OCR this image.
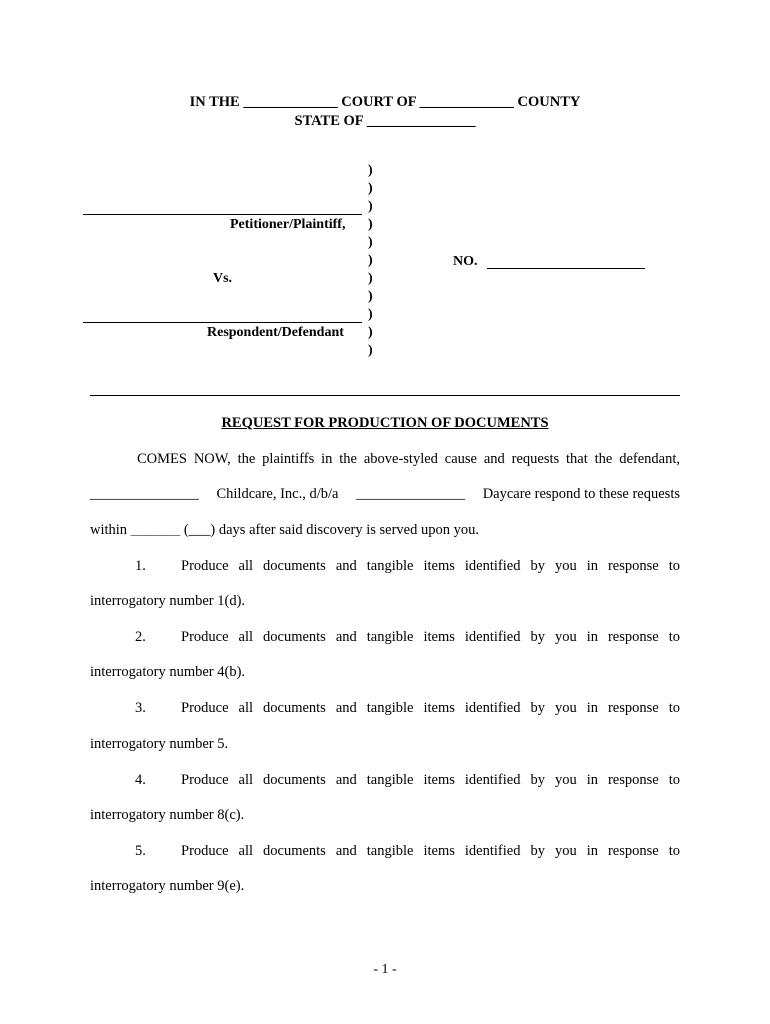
IN THE _____________ COURT OF _____________ COUNTY
STATE OF _______________
)
)
)
)
)
)
)
)
)
)
)
Petitioner/Plaintiff,
Vs.
Respondent/Defendant
NO.
REQUEST FOR PRODUCTION OF DOCUMENTS
COMES NOW, the plaintiffs in the above-styled cause and requests that the defendant,
_______________ Childcare, Inc., d/b/a _______________ Daycare respond to these requests
within _________ (___) days after said discovery is served upon you.
1. Produce all documents and tangible items identified by you in response to
interrogatory number 1(d).
2. Produce all documents and tangible items identified by you in response to
interrogatory number 4(b).
3. Produce all documents and tangible items identified by you in response to
interrogatory number 5.
4. Produce all documents and tangible items identified by you in response to
interrogatory number 8(c).
5. Produce all documents and tangible items identified by you in response to
interrogatory number 9(e).
- 1 -
